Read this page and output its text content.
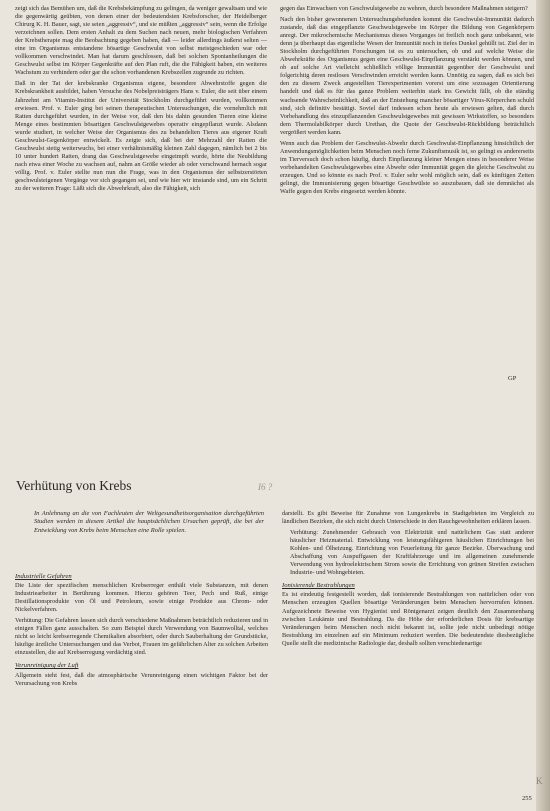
zeigt sich das Bemühen um, daß die Krebsbekämpfung zu gelingen, da weniger gewaltsam und wie die gegenwärtig geübten, von denen einer der bedeutendsten Krebsforscher, der Heidelberger Chirurg K. H. Bauer, sagt, sie seien „aggressiv“, und sie müßten „aggressiv“ sein, wenn die Erfolge verzeichnen sollen. Dem ersten Anhalt zu dem Suchen nach neuen, mehr biologischen Verfahren der Krebstherapie mag die Beobachtung gegeben haben, daß — leider allerdings äußerst selten — eine im Organismus entstandene bösartige Geschwulst von selbst meistgeschieden war oder vollkommen verschwindet. Man hat darum geschlossen, daß bei solchen Spontanheilungen die Geschwulst selbst im Körper Gegenkräfte auf den Plan ruft, die die Fähigkeit haben, ein weiteres Wachstum zu verhindern oder gar die schon vorhandenen Krebszellen zugrunde zu richten.

Daß in der Tat der krebskranke Organismus eigene, besondere Abwehrstoffe gegen die Krebskrankheit ausbildet, haben Versuche des Nobelpreisträgers Hans v. Euler, die seit über einem Jahrzehnt am Vitamin-Institut der Universität Stockholm durchgeführt wurden, vollkommen erwiesen. Prof. v. Euler ging bei seinen therapeutischen Untersuchungen, die vornehmlich mit Ratten durchgeführt wurden, in der Weise vor, daß den bis dahin gesunden Tieren eine kleine Menge eines bestimmten bösartigen Geschwulstgewebes operativ eingepflanzt wurde. Alsdann wurde studiert, in welcher Weise der Organismus des zu behandelten Tieres aus eigener Kraft Geschwulst-Gegenkörper entwickelt. Es zeigte sich, daß bei der Mehrzahl der Ratten die Geschwulst stetig weiterwuchs, bei einer verhältnismäßig kleinen Zahl dagegen, nämlich bei 2 bis 10 unter hundert Ratten, drang das Geschwulstgewebe eingeimpft wurde, hörte die Neubildung nach etwa einer Woche zu wachsen auf, nahm an Größe wieder ab oder verschwand hernach sogar völlig. Prof. v. Euler stellte nun nun die Frage, was in den Organismus der selbstzerstörten geschwulsteigenen Vorgänge vor sich gegangen sei, und wie hier wir imstande sind, um ein Schritt zu der weiteren Frage: Läßt sich die Abwehrkraft, also die Fähigkeit, sich

gegen das Einwachsen von Geschwulstgewebe zu wehren, durch besondere Maßnahmen steigern?

Nach den bisher gewonnenen Untersuchungsbefunden kommt die Geschwulst-Immunität dadurch zustande, daß das eingepflanzte Geschwulstgewebe im Körper die Bildung von Gegenkörpern anregt. Der mikrochemische Mechanismus dieses Vorganges ist freilich noch ganz unbekannt, wie denn ja überhaupt das eigentliche Wesen der Immunität noch in tiefes Dunkel gehüllt ist. Ziel der in Stockholm durchgeführten Forschungen ist es zu untersuchen, ob und auf welche Weise die Abwehrkräfte des Organismus gegen eine Geschwulst-Einpflanzung verstärkt werden können, und ob auf solche Art vielleicht schließlich völlige Immunität gegenüber der Geschwulst und folgerichtig deren restloses Verschwinden erreicht werden kann. Unnötig zu sagen, daß es sich bei den zu diesem Zweck angestellten Tierexperimenten vorerst um eine sozusagen Orientierung handelt und daß es für das ganze Problem weiterhin stark ins Gewicht fällt, ob die ständig wachsende Wahrscheinlichkeit, daß an der Entstehung mancher bösartiger Virus-Körperchen schuld sind, sich definitiv bestätigt. Soviel darf indessen schon heute als erwiesen gelten, daß durch Vorbehandlung des einzupflanzenden Geschwulstgewebes mit gewissen Wirkstoffen, so besonders dem Thermolabilkörper durch Urethan, die Quote der Geschwulst-Rückbildung beträchtlich vergrößert werden kann.

Wenn auch das Problem der Geschwulst-Abwehr durch Geschwulst-Einpflanzung hinsichtlich der Anwendungsmöglichkeiten beim Menschen noch ferne Zukunftsmusik ist, so gelingt es andererseits im Tierversuch doch schon häufig, durch Einpflanzung kleiner Mengen eines in besonderer Weise vorbehandelten Geschwulstgewebes eine Abwehr oder Immunität gegen die gleiche Geschwulst zu erzeugen. Und so könnte es nach Prof. v. Euler sehr wohl möglich sein, daß es künftigen Zeiten gelingt, die Immunisierung gegen bösartige Geschwülste so auszubauen, daß sie demnächst als Waffe gegen den Krebs eingesetzt werden könnte.

GP
Verhütung von Krebs	I6 ?

In Anlehnung an die von Fachleuten der Weltgesundheitsorganisation durchgeführten Studien werden in diesem Artikel die hauptsächlichen Ursachen geprüft, die bei der Entwicklung von Krebs beim Menschen eine Rolle spielen.

Industrielle Gefahren

Die Liste der spezifischen menschlichen Krebserreger enthält viele Substanzen, mit denen Industriearbeiter in Berührung kommen. Hierzu gehören Teer, Pech und Ruß, einige Destillationsprodukte von Öl und Petroleum, sowie einige Produkte aus Chrom- oder Nickelverfahren.

Verhütung: Die Gefahren lassen sich durch verschiedene Maßnahmen beträchtlich reduzieren und in einigen Fällen ganz ausschalten. So zum Beispiel durch Verwendung von Baumwolltal, welches nicht so leicht krebserregende Chemikalien absorbiert, oder durch Sauberhaltung der Grundstücke, häufige ärztliche Untersuchungen und das Verbot, Frauen im gefährlichen Alter zu solchen Arbeiten einzustellen, die auf Krebserregung verdächtig sind.

Verunreinigung der Luft

Allgemein steht fest, daß die atmosphärische Verunreinigung einen wichtigen Faktor bei der Verursachung von Krebs

darstellt. Es gibt Beweise für Zunahme von Lungenkrebs in Stadtgebieten im Vergleich zu ländlichen Bezirken, die sich nicht durch Unterschiede in den Rauchgewohnheiten erklären lassen.

Verhütung: Zunehmender Gebrauch von Elektrizität und natürlichem Gas statt anderer häuslicher Heizmaterial. Entwicklung von leistungsfähigeren häuslichen Einrichtungen bei Kohlen- und Ölheizung. Einrichtung von Feuerleitung für ganze Bezirke. Überwachung und Abschaffung von Auspuffgasen der Kraftfahrzeuge und im allgemeinen zunehmende Verwendung von hydroelektrischem Strom sowie die Errichtung von grünen Streifen zwischen Industrie- und Wohngebieten.

Ionisierende Bestrahlungen

Es ist eindeutig festgestellt worden, daß ionisierende Bestrahlungen von natürlichen oder von Menschen erzeugten Quellen bösartige Veränderungen beim Menschen hervorrufen können. Aufgezeichnete Beweise von Hygienist und Röntgenarzt zeigen deutlich den Zusammenhang zwischen Leukämie und Bestrahlung. Da die Höhe der erforderlichen Dosis für krebsartige Veränderungen beim Menschen noch nicht bekannt ist, sollte jede nicht unbedingt nötige Bestrahlung im einzelnen auf ein Minimum reduziert werden. Die bedeutendste diesbezügliche Quelle stellt die medizinische Radiologie dar, deshalb sollten verschiedenartige

255
K
